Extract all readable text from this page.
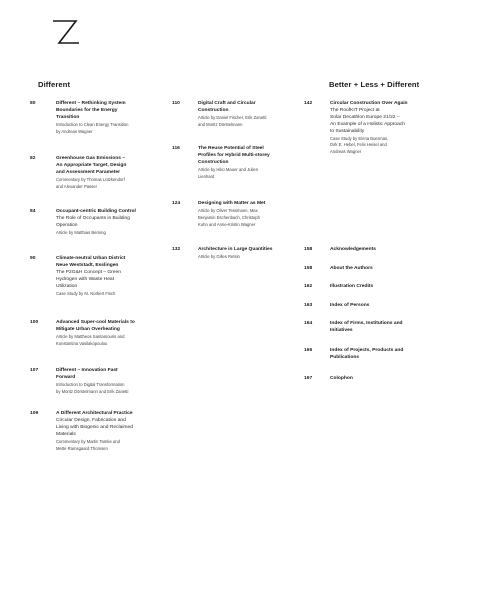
Different	Better + Less + Different
80	Different – Rethinking System
Boundaries for the Energy
Transition
Introduction to Clean Energy Transition
by Andreas Wagner
82	Greenhouse Gas Emissions –
An Appropriate Target, Design
and Assessment Parameter
Commentary by Thomas Lützkendorf
and Alexander Passer
84	Occupant-centric Building Control
The Role of Occupants in Building
Operation
Article by Matthias Berning
90	Climate-neutral Urban District
Neue Weststadt, Esslingen
The P2G&H Concept – Green
Hydrogen with Waste Heat
Utilization
Case Study by M. Norbert Fisch
100	Advanced Super-cool Materials to
Mitigate Urban Overheating
Article by Mattheos Santamouris and
Konstantina Vasilakopoulou
107	Different – Innovation Fast
Forward
Introduction to Digital Transformation
by Moritz Dörstelmann and Erik Zanetti
109	A Different Architectural Practice
Circular Design, Fabrication and
Living with Biogenic and Reclaimed
Materials
Commentary by Martin Tamke and
Mette Ramsgaard Thomsen
110	Digital Craft and Circular
Construction
Article by Daniel Fischer, Erik Zanetti
and Moritz Dörstelmann
116	The Reuse Potential of Steel
Profiles for Hybrid Multi-storey
Construction
Article by Hiko Mauer and Julien
Lienhard
124	Designing with Matter as Met
Article by Oliver Tessmann, Max
Benjamin Eschenbach, Christoph
Kuhn and Anne-Kristin Wagner
132	Architecture in Large Quantities
Article by Gilles Retsin
142	Circular Construction Over Again
The RoofKIT Project at
Solar Decathlon Europe 21/22 –
An Example of a Holistic Approach
to Sustainability
Case Study by Elena Boerman,
Dirk E. Hebel, Felix Heisel and
Andreas Wagner
158	Acknowledgements
158	About the Authors
162	Illustration Credits
163	Index of Persons
164	Index of Firms, Institutions and
Initiatives
165	Index of Projects, Products and
Publications
167	Colophon
